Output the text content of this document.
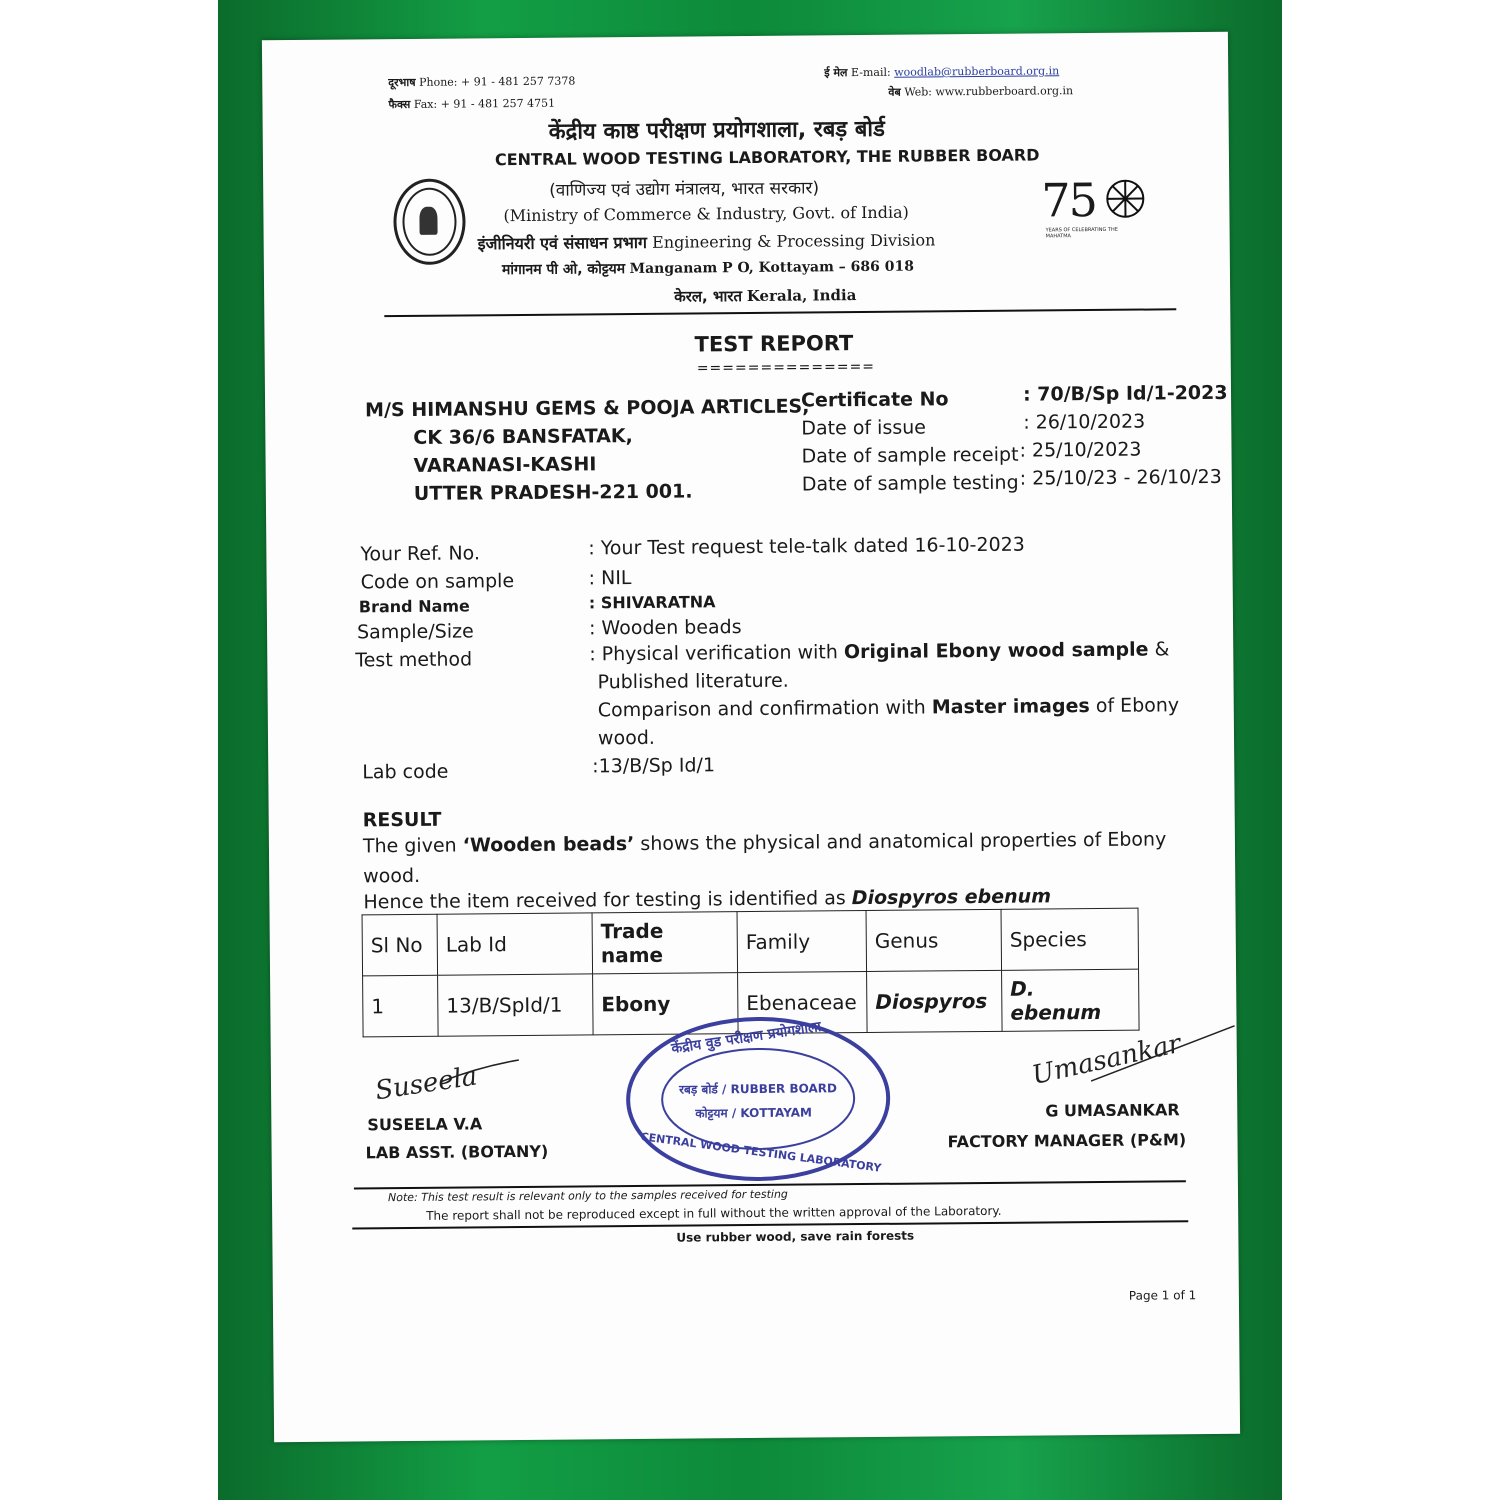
दूरभाष Phone: + 91 - 481 257 7378
फैक्स Fax: + 91 - 481 257 4751
ई मेल E-mail: woodlab@rubberboard.org.in
वेब Web: www.rubberboard.org.in
केंद्रीय काष्ठ परीक्षण प्रयोगशाला, रबड़ बोर्ड
CENTRAL WOOD TESTING LABORATORY, THE RUBBER BOARD
(वाणिज्य एवं उद्योग मंत्रालय, भारत सरकार)
(Ministry of Commerce & Industry, Govt. of India)
इंजीनियरी एवं संसाधन प्रभाग Engineering & Processing Division
मांगानम पी ओ, कोट्टयम Manganam P O, Kottayam – 686 018
केरल, भारत Kerala, India
75
YEARS OF CELEBRATING THE MAHATMA
TEST REPORT
==============
M/S HIMANSHU GEMS & POOJA ARTICLES,
CK 36/6 BANSFATAK,
VARANASI-KASHI
UTTER PRADESH-221 001.
Certificate No	: 70/B/Sp Id/1-2023
Date of issue	: 26/10/2023
Date of sample receipt : 25/10/2023
Date of sample testing : 25/10/23 - 26/10/23
Your Ref. No.	: Your Test request tele-talk dated 16-10-2023
Code on sample	: NIL
Brand Name	: SHIVARATNA
Sample/Size	: Wooden beads
Test method	: Physical verification with Original Ebony wood sample &
Published literature.
Comparison and confirmation with Master images of Ebony
wood.
Lab code	:13/B/Sp Id/1
RESULT
The given ‘Wooden beads’ shows the physical and anatomical properties of Ebony
wood.
Hence the item received for testing is identified as Diospyros ebenum
Sl No	Lab Id	Trade name	Family	Genus	Species
1	13/B/SpId/1	Ebony	Ebenaceae	Diospyros	D. ebenum
केंद्रीय वुड परीक्षण प्रयोगशाला
रबड़ बोर्ड / RUBBER BOARD
कोट्टयम / KOTTAYAM
CENTRAL WOOD TESTING LABORATORY
Suseela
SUSEELA V.A
LAB ASST. (BOTANY)
Umasankar
G UMASANKAR
FACTORY MANAGER (P&M)
Note: This test result is relevant only to the samples received for testing
The report shall not be reproduced except in full without the written approval of the Laboratory.
Use rubber wood, save rain forests
Page 1 of 1
